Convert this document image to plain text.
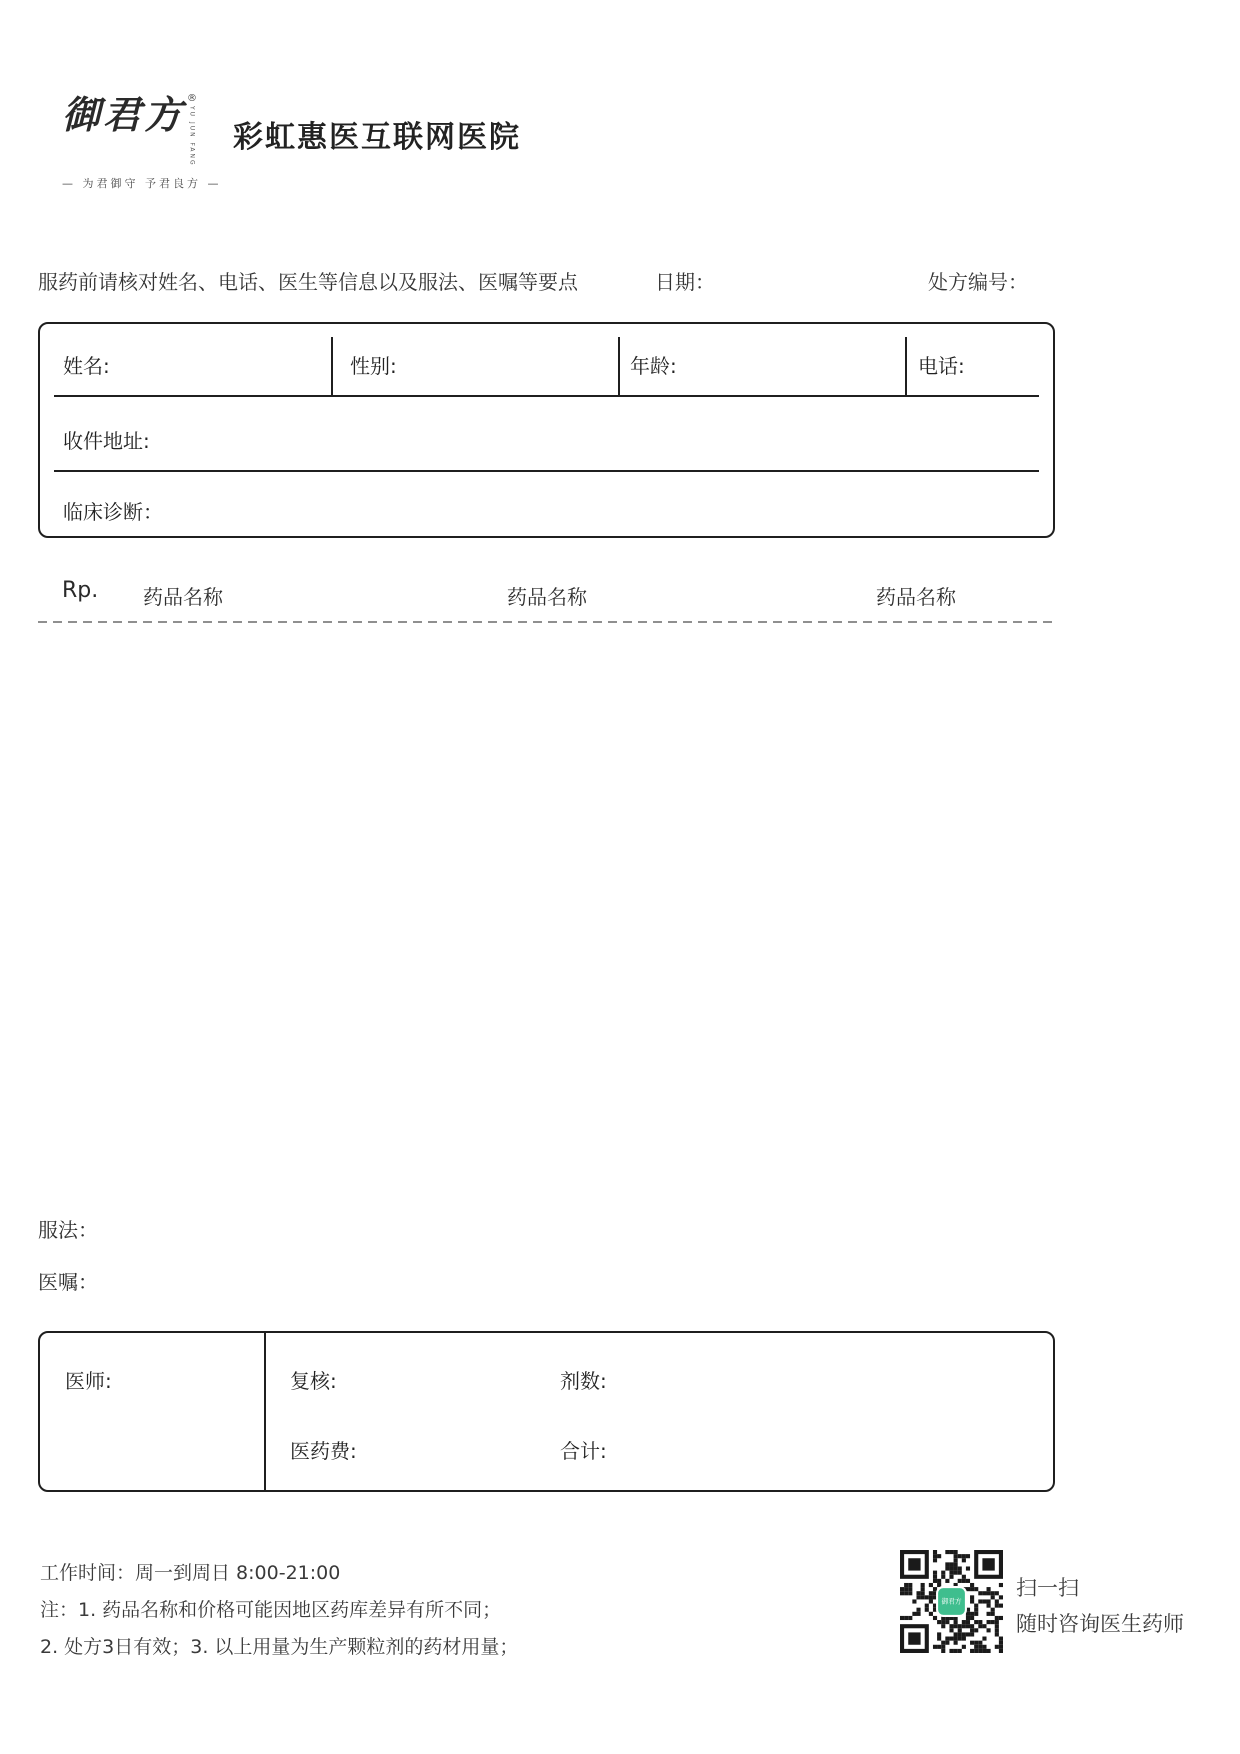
御君方 ®
YU JUN FANG
— 为君御守 予君良方 —
彩虹惠医互联网医院
服药前请核对姓名、电话、医生等信息以及服法、医嘱等要点	日期：	处方编号：
姓名:	性别:	年龄:	电话:
收件地址:
临床诊断：
Rp. 药品名称	药品名称	药品名称
服法：
医嘱：
医师:	复核:	剂数:
医药费:	合计:
工作时间：周一到周日 8:00-21:00
注：1. 药品名称和价格可能因地区药库差异有所不同；
2. 处方3日有效；3. 以上用量为生产颗粒剂的药材用量；
御君方
扫一扫
随时咨询医生药师
